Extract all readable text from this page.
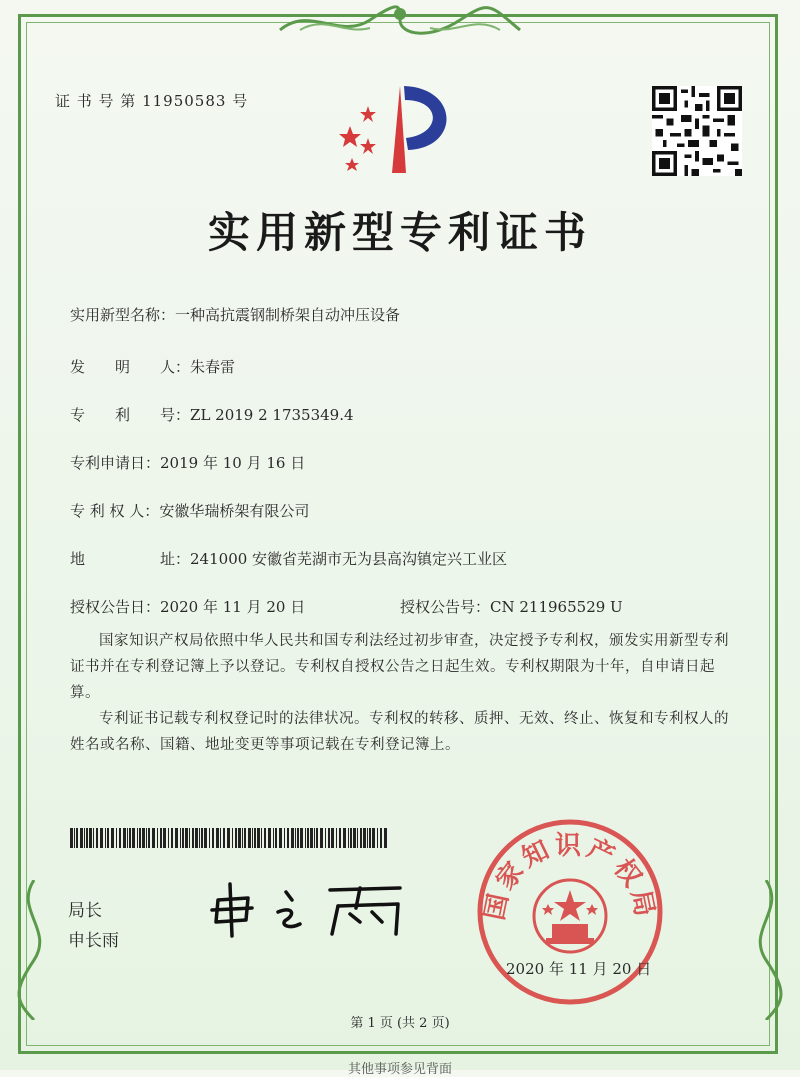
证 书 号 第 11950583 号
实用新型专利证书
实用新型名称：一种高抗震钢制桥架自动冲压设备
发　　明　　人：朱春雷
专　　利　　号：ZL 2019 2 1735349.4
专利申请日：2019 年 10 月 16 日
专 利 权 人：安徽华瑞桥架有限公司
地　　　　　址：241000 安徽省芜湖市无为县高沟镇定兴工业区
授权公告日：2020 年 11 月 20 日	授权公告号：CN 211965529 U
国家知识产权局依照中华人民共和国专利法经过初步审查，决定授予专利权，颁发实用新型专利证书并在专利登记簿上予以登记。专利权自授权公告之日起生效。专利权期限为十年，自申请日起算。
专利证书记载专利权登记时的法律状况。专利权的转移、质押、无效、终止、恢复和专利权人的姓名或名称、国籍、地址变更等事项记载在专利登记簿上。
局长
申长雨
国家知识产权局
2020 年 11 月 20 日
第 1 页 (共 2 页)
其他事项参见背面
